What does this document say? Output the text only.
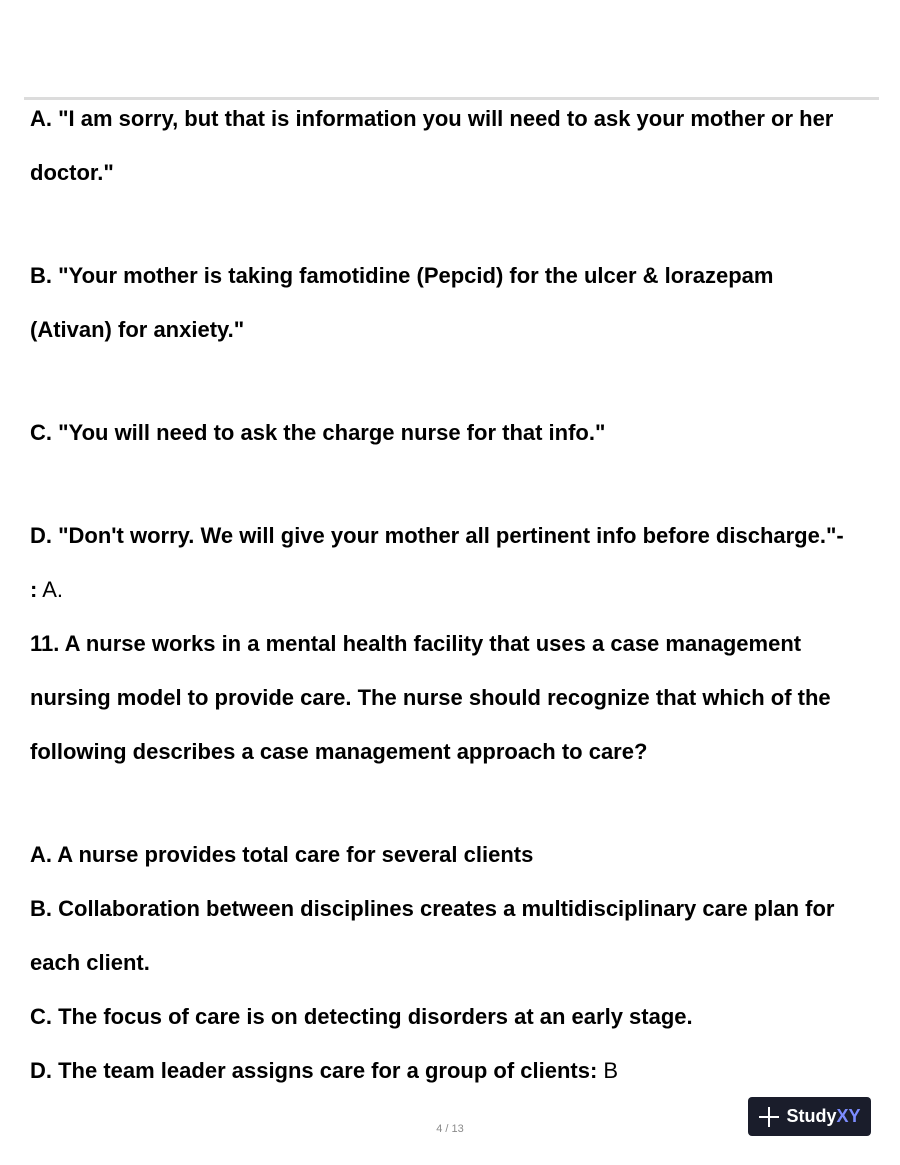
A. "I am sorry, but that is information you will need to ask your mother or her
doctor."
B. "Your mother is taking famotidine (Pepcid) for the ulcer & lorazepam
(Ativan) for anxiety."
C. "You will need to ask the charge nurse for that info."
D. "Don't worry. We will give your mother all pertinent info before discharge."-
: A.
11. A nurse works in a mental health facility that uses a case management
nursing model to provide care. The nurse should recognize that which of the
following describes a case management approach to care?
A. A nurse provides total care for several clients
B. Collaboration between disciplines creates a multidisciplinary care plan for
each client.
C. The focus of care is on detecting disorders at an early stage.
D. The team leader assigns care for a group of clients: B
4 / 13
StudyXY
